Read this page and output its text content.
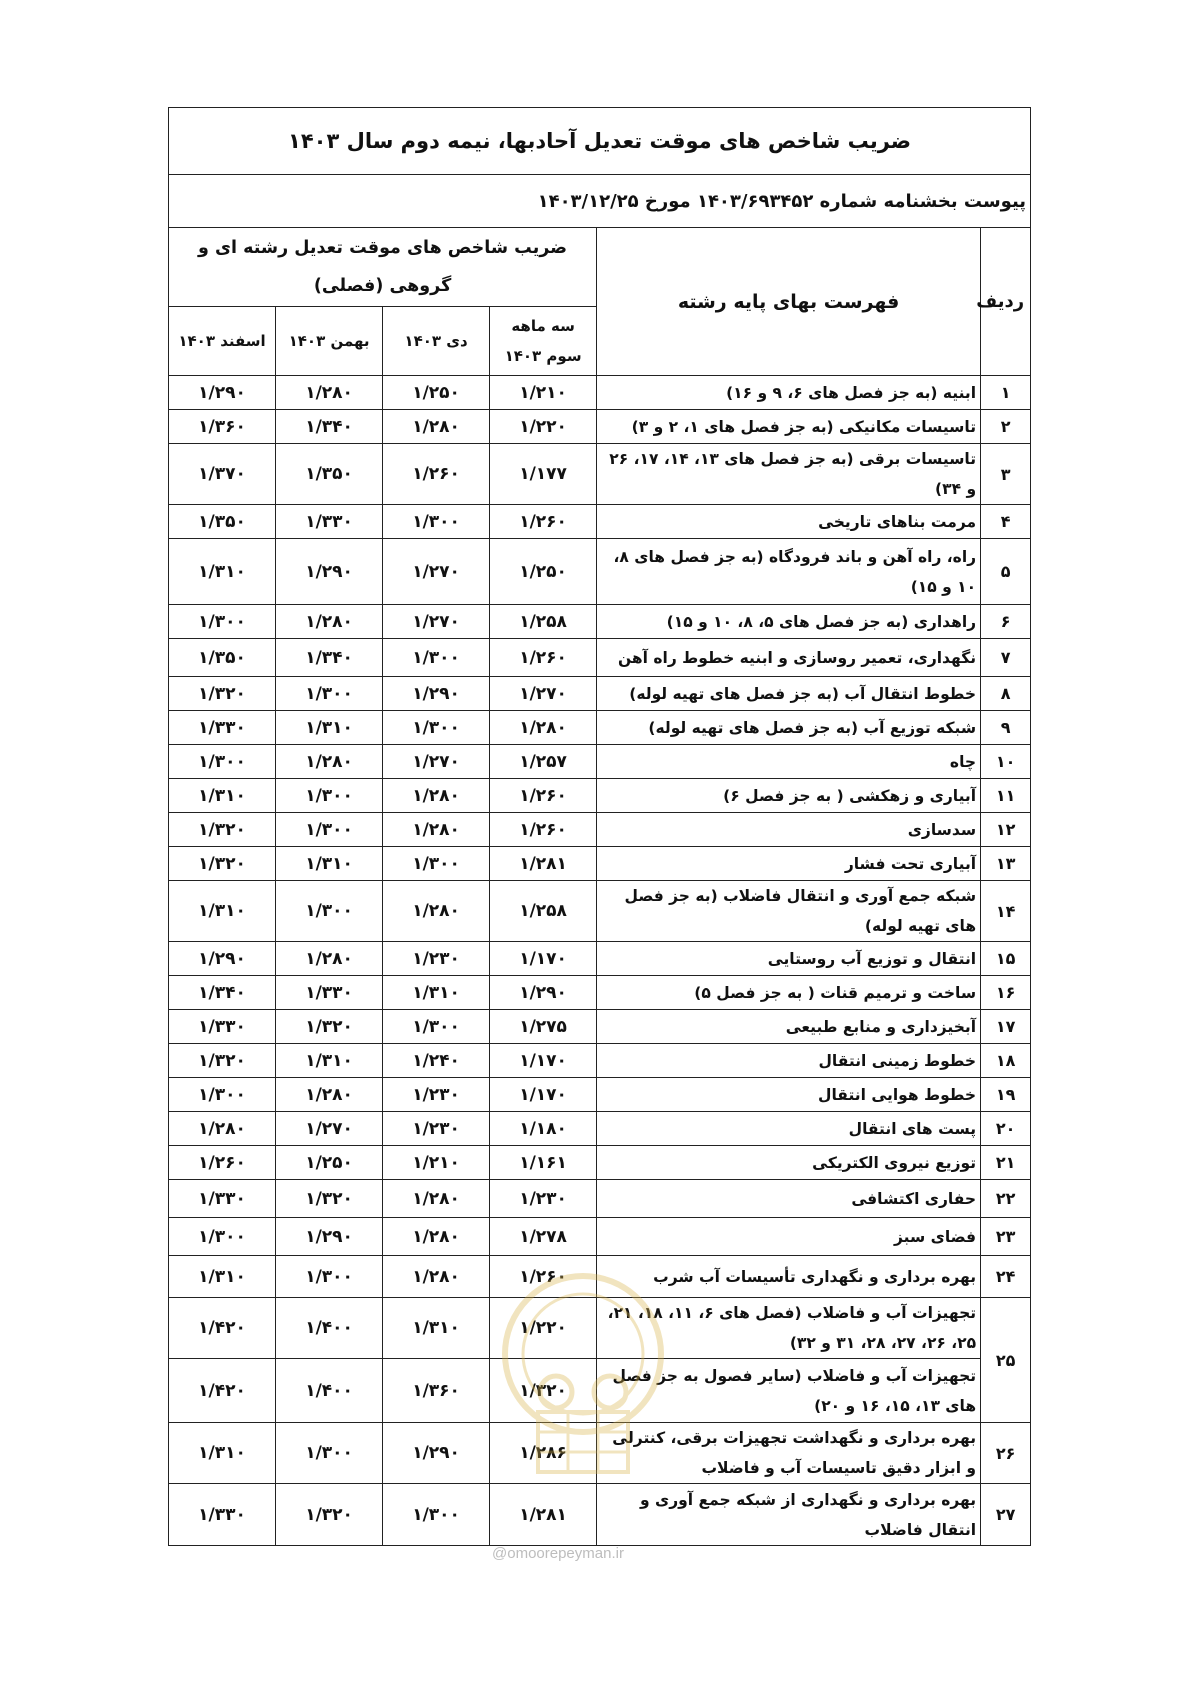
ضریب شاخص های موقت تعدیل آحادبها، نیمه دوم سال ۱۴۰۳					
پیوست بخشنامه شماره ۱۴۰۳/۶۹۳۴۵۲ مورخ ۱۴۰۳/۱۲/۲۵					
ردیف	فهرست بهای پایه رشته	ضریب شاخص های موقت تعدیل رشته ای و گروهی (فصلی)			
		سه ماهه سوم ۱۴۰۳	دی ۱۴۰۳	بهمن ۱۴۰۳	اسفند ۱۴۰۳
۱	ابنیه (به جز فصل های ۶، ۹ و ۱۶)	۱/۲۱۰	۱/۲۵۰	۱/۲۸۰	۱/۲۹۰
۲	تاسیسات مکانیکی (به جز فصل های ۱، ۲ و ۳)	۱/۲۲۰	۱/۲۸۰	۱/۳۴۰	۱/۳۶۰
۳	تاسیسات برقی (به جز فصل های ۱۳، ۱۴، ۱۷، ۲۶ و ۳۴)	۱/۱۷۷	۱/۲۶۰	۱/۳۵۰	۱/۳۷۰
۴	مرمت بناهای تاریخی	۱/۲۶۰	۱/۳۰۰	۱/۳۳۰	۱/۳۵۰
۵	راه، راه آهن و باند فرودگاه (به جز فصل های ۸، ۱۰ و ۱۵)	۱/۲۵۰	۱/۲۷۰	۱/۲۹۰	۱/۳۱۰
۶	راهداری (به جز فصل های ۵، ۸، ۱۰ و ۱۵)	۱/۲۵۸	۱/۲۷۰	۱/۲۸۰	۱/۳۰۰
۷	نگهداری، تعمیر روسازی و ابنیه خطوط راه آهن	۱/۲۶۰	۱/۳۰۰	۱/۳۴۰	۱/۳۵۰
۸	خطوط انتقال آب (به جز فصل های تهیه لوله)	۱/۲۷۰	۱/۲۹۰	۱/۳۰۰	۱/۳۲۰
۹	شبکه توزیع آب (به جز فصل های تهیه لوله)	۱/۲۸۰	۱/۳۰۰	۱/۳۱۰	۱/۳۳۰
۱۰	چاه	۱/۲۵۷	۱/۲۷۰	۱/۲۸۰	۱/۳۰۰
۱۱	آبیاری و زهکشی ( به جز فصل ۶)	۱/۲۶۰	۱/۲۸۰	۱/۳۰۰	۱/۳۱۰
۱۲	سدسازی	۱/۲۶۰	۱/۲۸۰	۱/۳۰۰	۱/۳۲۰
۱۳	آبیاری تحت فشار	۱/۲۸۱	۱/۳۰۰	۱/۳۱۰	۱/۳۲۰
۱۴	شبکه جمع آوری و انتقال فاضلاب (به جز فصل های تهیه لوله)	۱/۲۵۸	۱/۲۸۰	۱/۳۰۰	۱/۳۱۰
۱۵	انتقال و توزیع آب روستایی	۱/۱۷۰	۱/۲۳۰	۱/۲۸۰	۱/۲۹۰
۱۶	ساخت و ترمیم قنات ( به جز فصل ۵)	۱/۲۹۰	۱/۳۱۰	۱/۳۳۰	۱/۳۴۰
۱۷	آبخیزداری و منابع طبیعی	۱/۲۷۵	۱/۳۰۰	۱/۳۲۰	۱/۳۳۰
۱۸	خطوط زمینی انتقال	۱/۱۷۰	۱/۲۴۰	۱/۳۱۰	۱/۳۲۰
۱۹	خطوط هوایی انتقال	۱/۱۷۰	۱/۲۳۰	۱/۲۸۰	۱/۳۰۰
۲۰	پست های انتقال	۱/۱۸۰	۱/۲۳۰	۱/۲۷۰	۱/۲۸۰
۲۱	توزیع نیروی الکتریکی	۱/۱۶۱	۱/۲۱۰	۱/۲۵۰	۱/۲۶۰
۲۲	حفاری اکتشافی	۱/۲۳۰	۱/۲۸۰	۱/۳۲۰	۱/۳۳۰
۲۳	فضای سبز	۱/۲۷۸	۱/۲۸۰	۱/۲۹۰	۱/۳۰۰
۲۴	بهره برداری و نگهداری تأسیسات آب شرب	۱/۲۶۰	۱/۲۸۰	۱/۳۰۰	۱/۳۱۰
۲۵	تجهیزات آب و فاضلاب (فصل های ۶، ۱۱، ۱۸، ۲۱، ۲۵، ۲۶، ۲۷، ۲۸، ۳۱ و ۳۲)	۱/۲۲۰	۱/۳۱۰	۱/۴۰۰	۱/۴۲۰
	تجهیزات آب و فاضلاب (سایر فصول به جز فصل های ۱۳، ۱۵، ۱۶ و ۲۰)	۱/۳۲۰	۱/۳۶۰	۱/۴۰۰	۱/۴۲۰
۲۶	بهره برداری و نگهداشت تجهیزات برقی، کنترلی و ابزار دقیق تاسیسات آب و فاضلاب	۱/۲۸۶	۱/۲۹۰	۱/۳۰۰	۱/۳۱۰
۲۷	بهره برداری و نگهداری از شبکه جمع آوری و انتقال فاضلاب	۱/۲۸۱	۱/۳۰۰	۱/۳۲۰	۱/۳۳۰
@omoorepeyman.ir
